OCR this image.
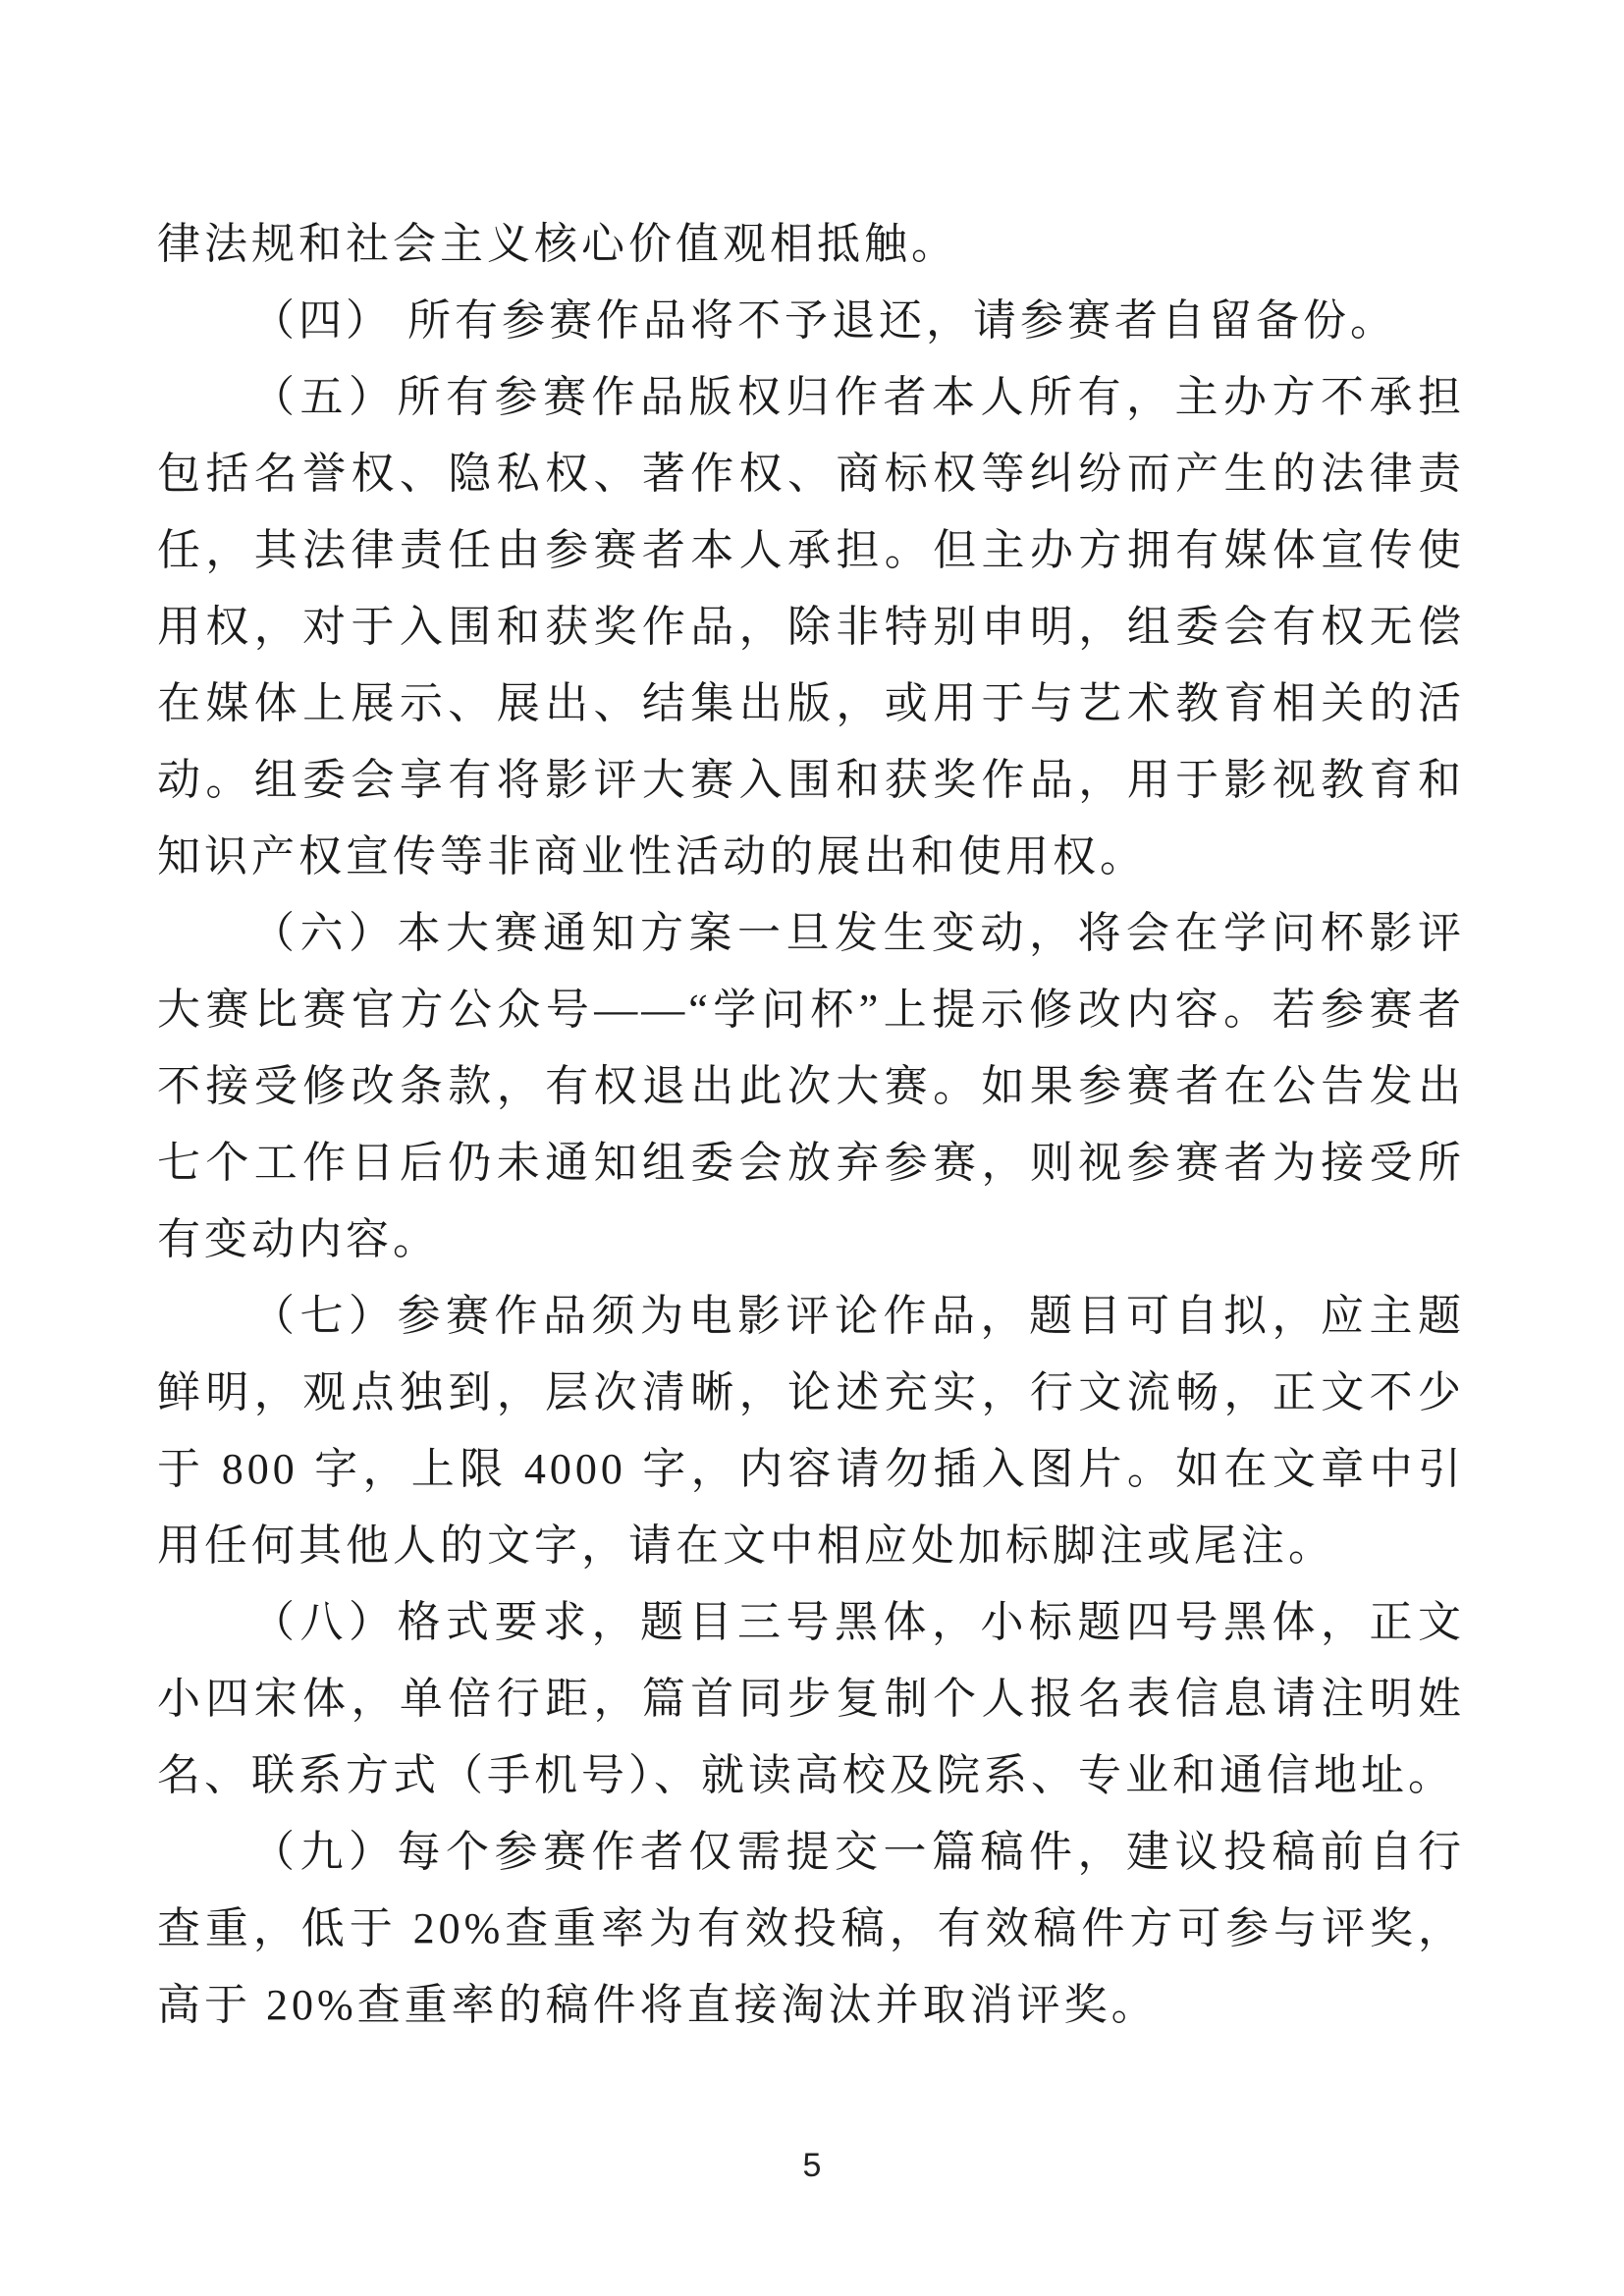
律法规和社会主义核心价值观相抵触。

（四） 所有参赛作品将不予退还，请参赛者自留备份。

（五）所有参赛作品版权归作者本人所有，主办方不承担包括名誉权、隐私权、著作权、商标权等纠纷而产生的法律责任，其法律责任由参赛者本人承担。但主办方拥有媒体宣传使用权，对于入围和获奖作品，除非特别申明，组委会有权无偿在媒体上展示、展出、结集出版，或用于与艺术教育相关的活动。组委会享有将影评大赛入围和获奖作品，用于影视教育和知识产权宣传等非商业性活动的展出和使用权。

（六）本大赛通知方案一旦发生变动，将会在学问杯影评大赛比赛官方公众号——“学问杯”上提示修改内容。若参赛者不接受修改条款，有权退出此次大赛。如果参赛者在公告发出七个工作日后仍未通知组委会放弃参赛，则视参赛者为接受所有变动内容。

（七）参赛作品须为电影评论作品，题目可自拟，应主题鲜明，观点独到，层次清晰，论述充实，行文流畅，正文不少于 800 字，上限 4000 字，内容请勿插入图片。如在文章中引用任何其他人的文字，请在文中相应处加标脚注或尾注。

（八）格式要求，题目三号黑体，小标题四号黑体，正文小四宋体，单倍行距，篇首同步复制个人报名表信息请注明姓名、联系方式（手机号）、就读高校及院系、专业和通信地址。

（九）每个参赛作者仅需提交一篇稿件，建议投稿前自行查重，低于 20%查重率为有效投稿，有效稿件方可参与评奖，高于 20%查重率的稿件将直接淘汰并取消评奖。

5
